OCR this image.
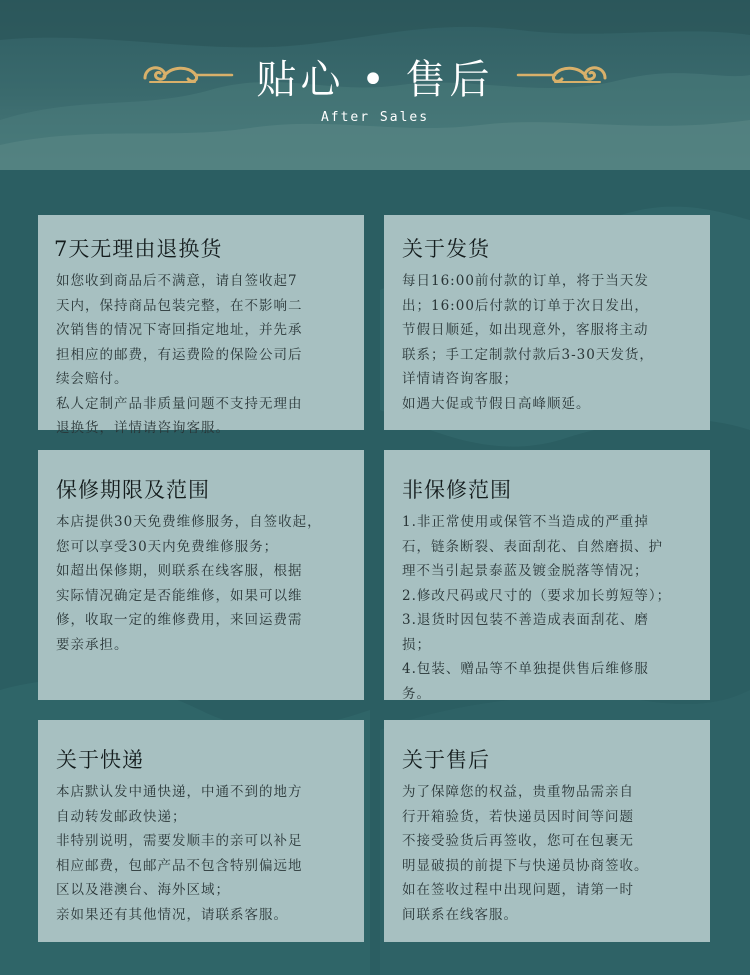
贴心 • 售后
After Sales
7天无理由退换货
如您收到商品后不满意，请自签收起7
天内，保持商品包装完整，在不影响二
次销售的情况下寄回指定地址，并先承
担相应的邮费，有运费险的保险公司后
续会赔付。
私人定制产品非质量问题不支持无理由
退换货，详情请咨询客服。
关于发货
每日16:00前付款的订单，将于当天发
出；16:00后付款的订单于次日发出，
节假日顺延，如出现意外，客服将主动
联系；手工定制款付款后3-30天发货，
详情请咨询客服；
如遇大促或节假日高峰顺延。
保修期限及范围
本店提供30天免费维修服务，自签收起，
您可以享受30天内免费维修服务；
如超出保修期，则联系在线客服，根据
实际情况确定是否能维修，如果可以维
修，收取一定的维修费用，来回运费需
要亲承担。
非保修范围
1.非正常使用或保管不当造成的严重掉
石，链条断裂、表面刮花、自然磨损、护
理不当引起景泰蓝及镀金脱落等情况；
2.修改尺码或尺寸的（要求加长剪短等）；
3.退货时因包装不善造成表面刮花、磨
损；
4.包装、赠品等不单独提供售后维修服
务。
关于快递
本店默认发中通快递，中通不到的地方
自动转发邮政快递；
非特别说明，需要发顺丰的亲可以补足
相应邮费，包邮产品不包含特别偏远地
区以及港澳台、海外区域；
亲如果还有其他情况，请联系客服。
关于售后
为了保障您的权益，贵重物品需亲自
行开箱验货，若快递员因时间等问题
不接受验货后再签收，您可在包裹无
明显破损的前提下与快递员协商签收。
如在签收过程中出现问题，请第一时
间联系在线客服。
